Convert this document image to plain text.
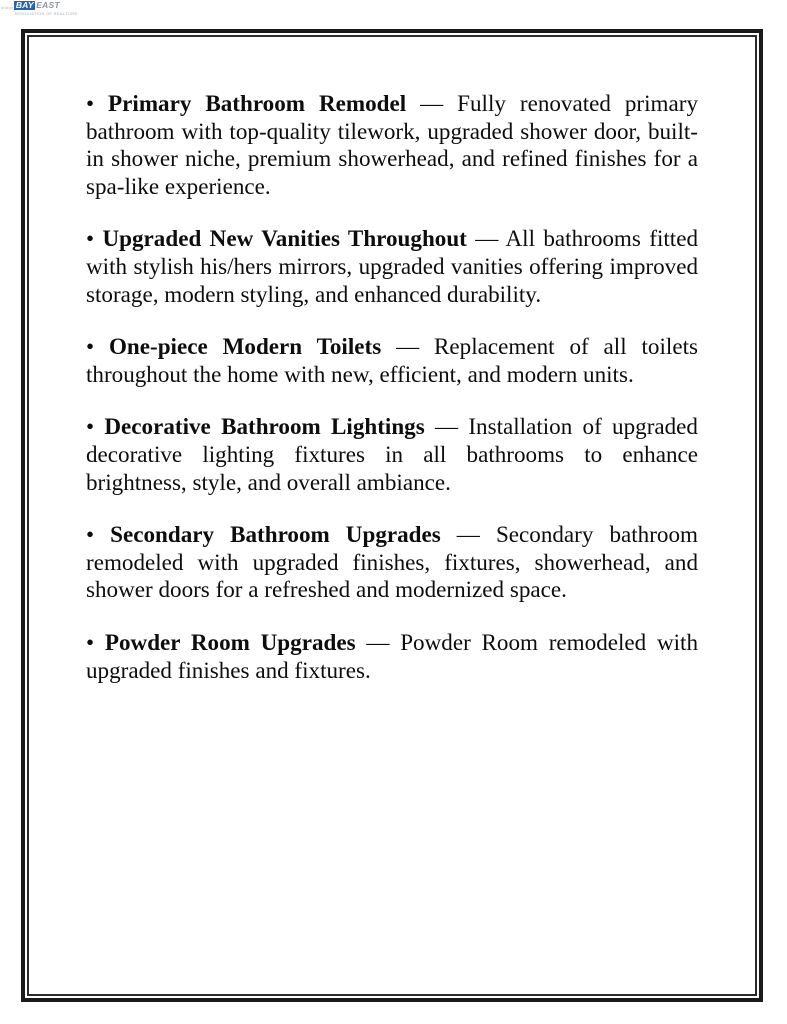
bridge BAY EAST
ASSOCIATION OF REALTORS

• Primary Bathroom Remodel — Fully renovated primary bathroom with top-quality tilework, upgraded shower door, built-in shower niche, premium showerhead, and refined finishes for a spa-like experience.

• Upgraded New Vanities Throughout — All bathrooms fitted with stylish his/hers mirrors, upgraded vanities offering improved storage, modern styling, and enhanced durability.

• One-piece Modern Toilets — Replacement of all toilets throughout the home with new, efficient, and modern units.

• Decorative Bathroom Lightings — Installation of upgraded decorative lighting fixtures in all bathrooms to enhance brightness, style, and overall ambiance.

• Secondary Bathroom Upgrades — Secondary bathroom remodeled with upgraded finishes, fixtures, showerhead, and shower doors for a refreshed and modernized space.

• Powder Room Upgrades — Powder Room remodeled with upgraded finishes and fixtures.
